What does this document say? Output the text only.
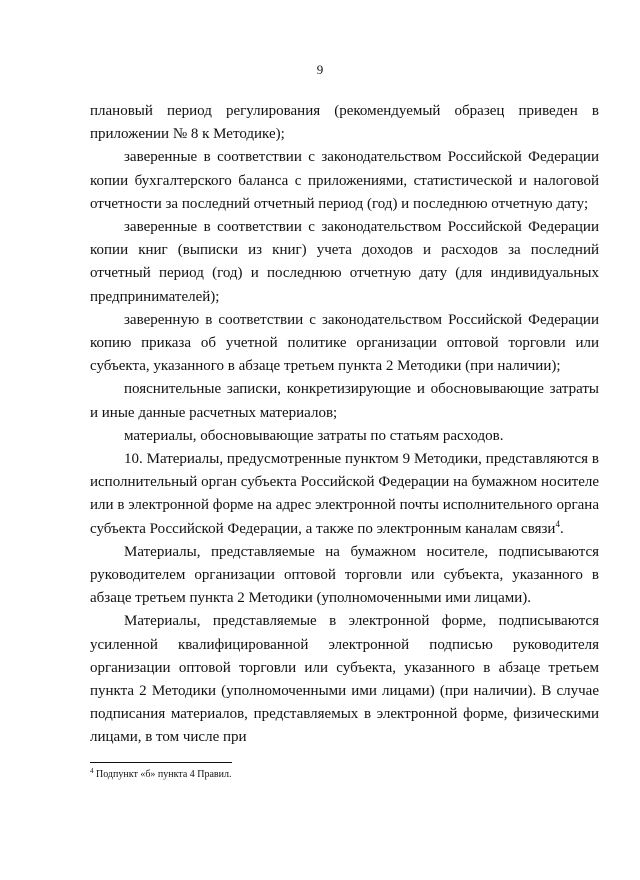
9

плановый период регулирования (рекомендуемый образец приведен в приложении № 8 к Методике);

заверенные в соответствии с законодательством Российской Федерации копии бухгалтерского баланса с приложениями, статистической и налоговой отчетности за последний отчетный период (год) и последнюю отчетную дату;

заверенные в соответствии с законодательством Российской Федерации копии книг (выписки из книг) учета доходов и расходов за последний отчетный период (год) и последнюю отчетную дату (для индивидуальных предпринимателей);

заверенную в соответствии с законодательством Российской Федерации копию приказа об учетной политике организации оптовой торговли или субъекта, указанного в абзаце третьем пункта 2 Методики (при наличии);

пояснительные записки, конкретизирующие и обосновывающие затраты и иные данные расчетных материалов;

материалы, обосновывающие затраты по статьям расходов.

10. Материалы, предусмотренные пунктом 9 Методики, представляются в исполнительный орган субъекта Российской Федерации на бумажном носителе или в электронной форме на адрес электронной почты исполнительного органа субъекта Российской Федерации, а также по электронным каналам связи$^4$.

Материалы, представляемые на бумажном носителе, подписываются руководителем организации оптовой торговли или субъекта, указанного в абзаце третьем пункта 2 Методики (уполномоченными ими лицами).

Материалы, представляемые в электронной форме, подписываются усиленной квалифицированной электронной подписью руководителя организации оптовой торговли или субъекта, указанного в абзаце третьем пункта 2 Методики (уполномоченными ими лицами) (при наличии). В случае подписания материалов, представляемых в электронной форме, физическими лицами, в том числе при

$^4$ Подпункт «б» пункта 4 Правил.
